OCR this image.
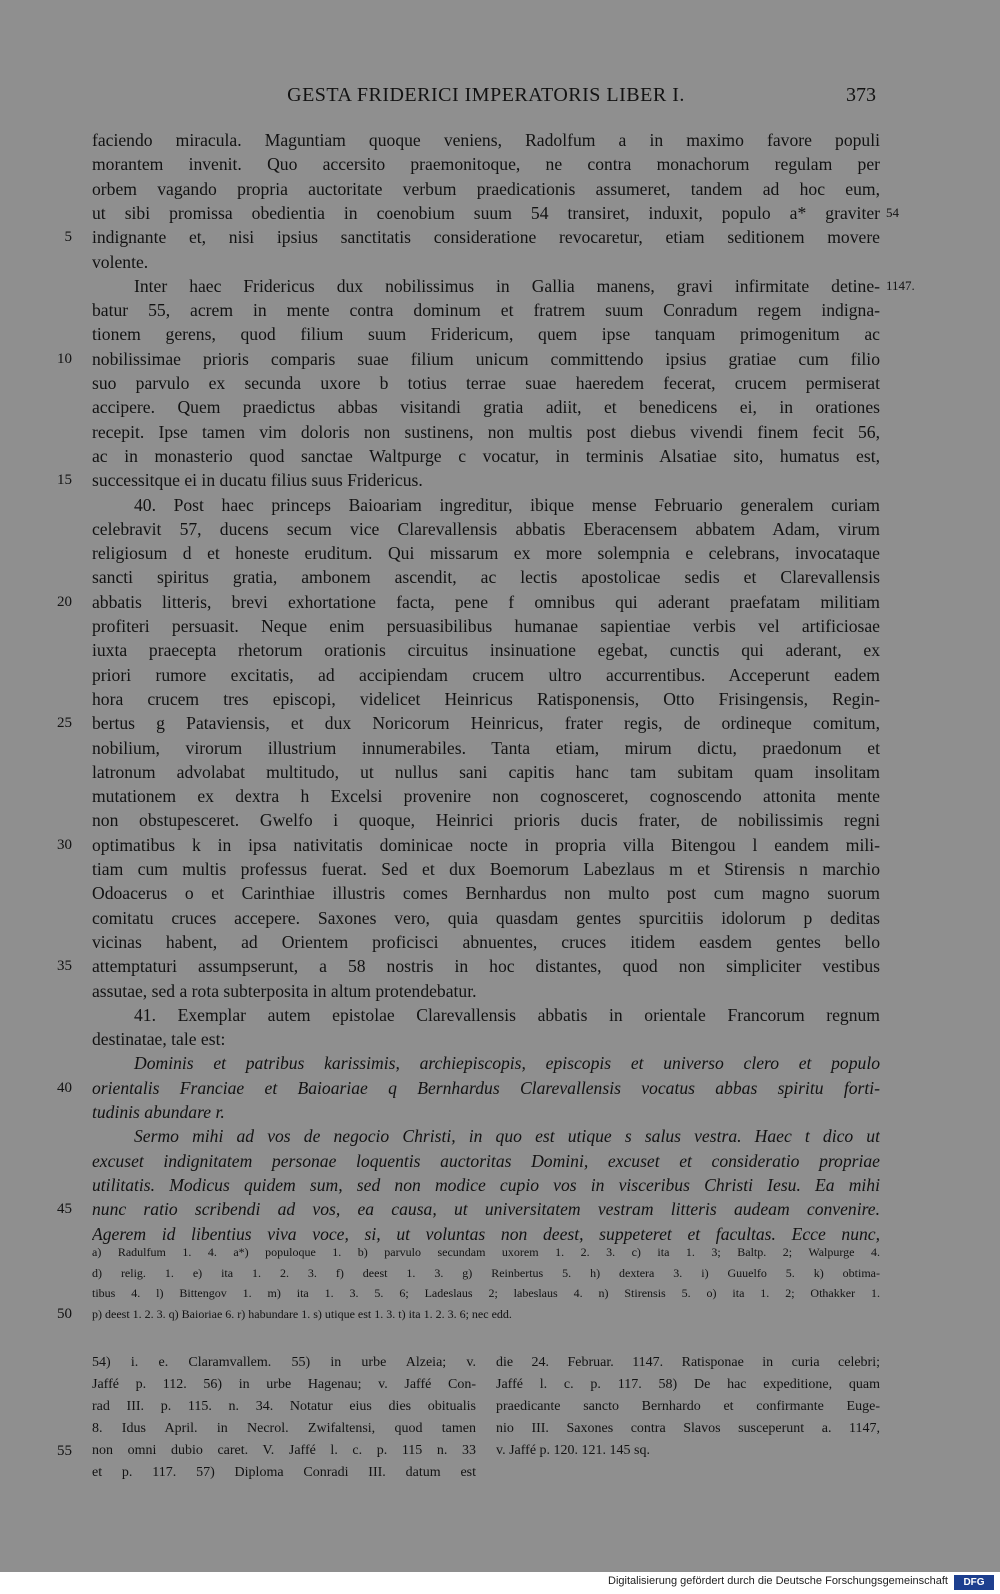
GESTA FRIDERICI IMPERATORIS LIBER I.	373
faciendo miracula. Maguntiam quoque veniens, Radolfum a in maximo favore populi
morantem invenit. Quo accersito praemonitoque, ne contra monachorum regulam per
orbem vagando propria auctoritate verbum praedicationis assumeret, tandem ad hoc eum,
ut sibi promissa obedientia in coenobium suum 54 transiret, induxit, populo a* graviter 54
indignante et, nisi ipsius sanctitatis consideratione revocaretur, etiam seditionem movere
5
volente.
Inter haec Fridericus dux nobilissimus in Gallia manens, gravi infirmitate detine- 1147.
batur 55, acrem in mente contra dominum et fratrem suum Conradum regem indigna-
tionem gerens, quod filium suum Fridericum, quem ipse tanquam primogenitum ac
nobilissimae prioris comparis suae filium unicum committendo ipsius gratiae cum filio
10
suo parvulo ex secunda uxore b totius terrae suae haeredem fecerat, crucem permiserat
accipere. Quem praedictus abbas visitandi gratia adiit, et benedicens ei, in orationes
recepit. Ipse tamen vim doloris non sustinens, non multis post diebus vivendi finem fecit 56,
ac in monasterio quod sanctae Waltpurge c vocatur, in terminis Alsatiae sito, humatus est,
successitque ei in ducatu filius suus Fridericus.
15
40. Post haec princeps Baioariam ingreditur, ibique mense Februario generalem curiam
celebravit 57, ducens secum vice Clarevallensis abbatis Eberacensem abbatem Adam, virum
religiosum d et honeste eruditum. Qui missarum ex more solempnia e celebrans, invocataque
sancti spiritus gratia, ambonem ascendit, ac lectis apostolicae sedis et Clarevallensis
abbatis litteris, brevi exhortatione facta, pene f omnibus qui aderant praefatam militiam
20
profiteri persuasit. Neque enim persuasibilibus humanae sapientiae verbis vel artificiosae
iuxta praecepta rhetorum orationis circuitus insinuatione egebat, cunctis qui aderant, ex
priori rumore excitatis, ad accipiendam crucem ultro accurrentibus. Acceperunt eadem
hora crucem tres episcopi, videlicet Heinricus Ratisponensis, Otto Frisingensis, Regin-
bertus g Pataviensis, et dux Noricorum Heinricus, frater regis, de ordineque comitum,
25
nobilium, virorum illustrium innumerabiles. Tanta etiam, mirum dictu, praedonum et
latronum advolabat multitudo, ut nullus sani capitis hanc tam subitam quam insolitam
mutationem ex dextra h Excelsi provenire non cognosceret, cognoscendo attonita mente
non obstupesceret. Gwelfo i quoque, Heinrici prioris ducis frater, de nobilissimis regni
optimatibus k in ipsa nativitatis dominicae nocte in propria villa Bitengou l eandem mili-
30
tiam cum multis professus fuerat. Sed et dux Boemorum Labezlaus m et Stirensis n marchio
Odoacerus o et Carinthiae illustris comes Bernhardus non multo post cum magno suorum
comitatu cruces accepere. Saxones vero, quia quasdam gentes spurcitiis idolorum p deditas
vicinas habent, ad Orientem proficisci abnuentes, cruces itidem easdem gentes bello
attemptaturi assumpserunt, a 58 nostris in hoc distantes, quod non simpliciter vestibus
35
assutae, sed a rota subterposita in altum protendebatur.
41. Exemplar autem epistolae Clarevallensis abbatis in orientale Francorum regnum
destinatae, tale est:
Dominis et patribus karissimis, archiepiscopis, episcopis et universo clero et populo
orientalis Franciae et Baioariae q Bernhardus Clarevallensis vocatus abbas spiritu forti-
40
tudinis abundare r.
Sermo mihi ad vos de negocio Christi, in quo est utique s salus vestra. Haec t dico ut
excuset indignitatem personae loquentis auctoritas Domini, excuset et consideratio propriae
utilitatis. Modicus quidem sum, sed non modice cupio vos in visceribus Christi Iesu. Ea mihi
nunc ratio scribendi ad vos, ea causa, ut universitatem vestram litteris audeam convenire.
45
Agerem id libentius viva voce, si, ut voluntas non deest, suppeteret et facultas. Ecce nunc,
a) Radulfum 1. 4. a*) populoque 1. b) parvulo secundam uxorem 1. 2. 3. c) ita 1. 3; Baltp. 2; Walpurge 4.
d) relig. 1. e) ita 1. 2. 3. f) deest 1. 3. g) Reinbertus 5. h) dextera 3. i) Guuelfo 5. k) obtima-
tibus 4. l) Bittengov 1. m) ita 1. 3. 5. 6; Ladeslaus 2; labeslaus 4. n) Stirensis 5. o) ita 1. 2; Othakker 1.
p) deest 1. 2. 3. q) Baioriae 6. r) habundare 1. s) utique est 1. 3. t) ita 1. 2. 3. 6; nec edd.
50
54) i. e. Claramvallem. 55) in urbe Alzeia; v.
Jaffé p. 112. 56) in urbe Hagenau; v. Jaffé Con-
rad III. p. 115. n. 34. Notatur eius dies obitualis
8. Idus April. in Necrol. Zwifaltensi, quod tamen
non omni dubio caret. V. Jaffé l. c. p. 115 n. 33
et p. 117. 57) Diploma Conradi III. datum est
die 24. Februar. 1147. Ratisponae in curia celebri;
Jaffé l. c. p. 117. 58) De hac expeditione, quam
praedicante sancto Bernhardo et confirmante Euge-
nio III. Saxones contra Slavos susceperunt a. 1147,
v. Jaffé p. 120. 121. 145 sq.
55
Digitalisierung gefördert durch die Deutsche Forschungsgemeinschaft	DFG
